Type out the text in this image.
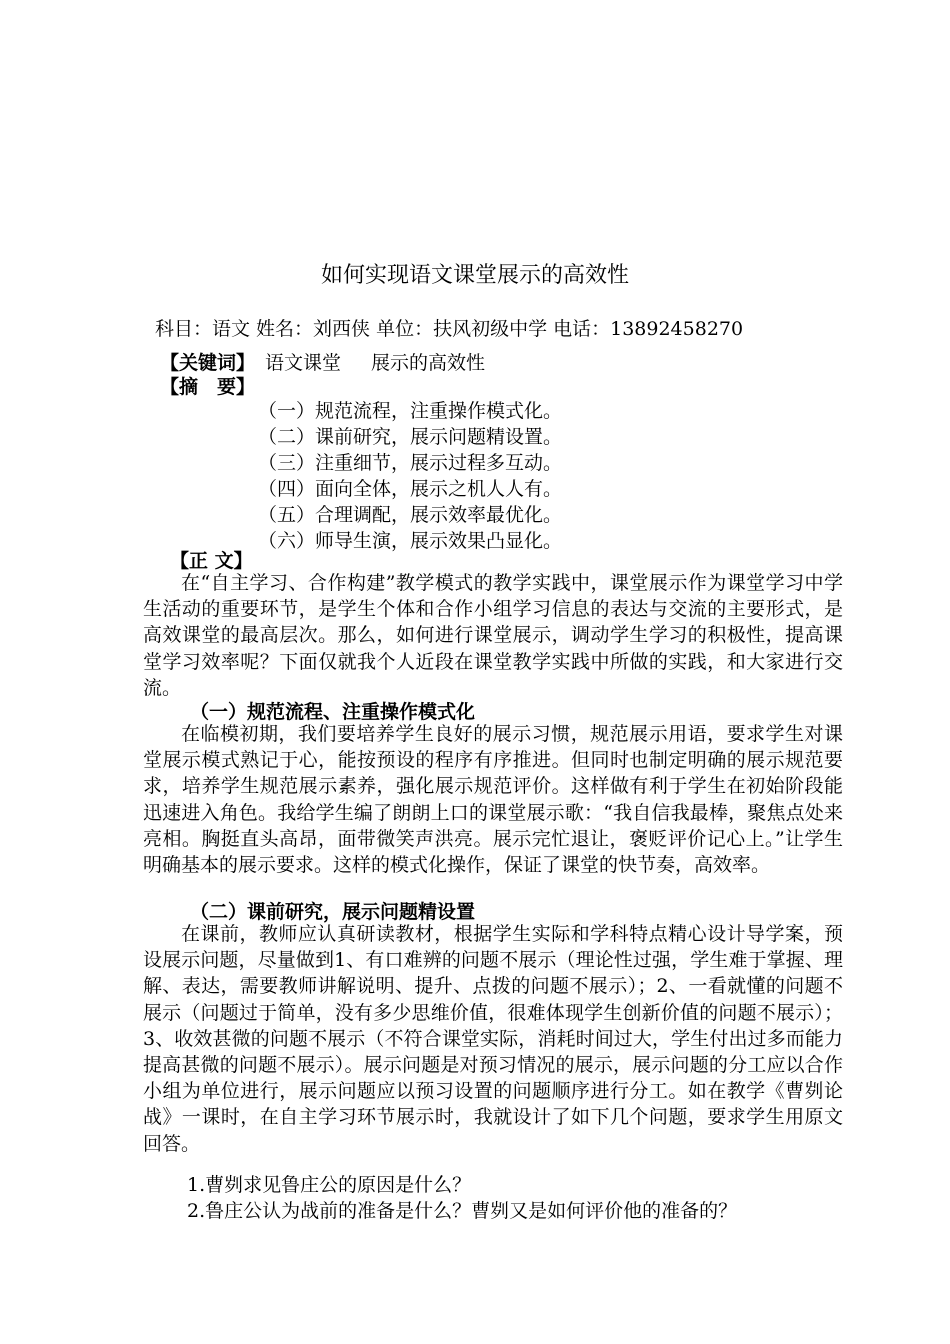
如何实现语文课堂展示的高效性
科目：语文 姓名：刘西侠 单位：扶风初级中学 电话：13892458270
【关键词】 语文课堂 展示的高效性
【摘　要】
（一）规范流程，注重操作模式化。
（二）课前研究，展示问题精设置。
（三）注重细节，展示过程多互动。
（四）面向全体，展示之机人人有。
（五）合理调配，展示效率最优化。
（六）师导生演，展示效果凸显化。
【正 文】

在“自主学习、合作构建”教学模式的教学实践中，课堂展示作为课堂学习中学生活动的重要环节，是学生个体和合作小组学习信息的表达与交流的主要形式，是高效课堂的最高层次。那么，如何进行课堂展示，调动学生学习的积极性，提高课堂学习效率呢？下面仅就我个人近段在课堂教学实践中所做的实践，和大家进行交流。

（一）规范流程、注重操作模式化

在临模初期，我们要培养学生良好的展示习惯，规范展示用语，要求学生对课堂展示模式熟记于心，能按预设的程序有序推进。但同时也制定明确的展示规范要求，培养学生规范展示素养，强化展示规范评价。这样做有利于学生在初始阶段能迅速进入角色。我给学生编了朗朗上口的课堂展示歌：“我自信我最棒，聚焦点处来亮相。胸挺直头高昂，面带微笑声洪亮。展示完忙退让，褒贬评价记心上。”让学生明确基本的展示要求。这样的模式化操作，保证了课堂的快节奏，高效率。

（二）课前研究，展示问题精设置

在课前，教师应认真研读教材，根据学生实际和学科特点精心设计导学案，预设展示问题，尽量做到1、有口难辨的问题不展示（理论性过强，学生难于掌握、理解、表达，需要教师讲解说明、提升、点拨的问题不展示）；2、一看就懂的问题不展示（问题过于简单，没有多少思维价值，很难体现学生创新价值的问题不展示）；3、收效甚微的问题不展示（不符合课堂实际，消耗时间过大，学生付出过多而能力提高甚微的问题不展示）。展示问题是对预习情况的展示，展示问题的分工应以合作小组为单位进行，展示问题应以预习设置的问题顺序进行分工。如在教学《曹刿论战》一课时，在自主学习环节展示时，我就设计了如下几个问题，要求学生用原文回答。

1.曹刿求见鲁庄公的原因是什么？
2.鲁庄公认为战前的准备是什么？曹刿又是如何评价他的准备的？
